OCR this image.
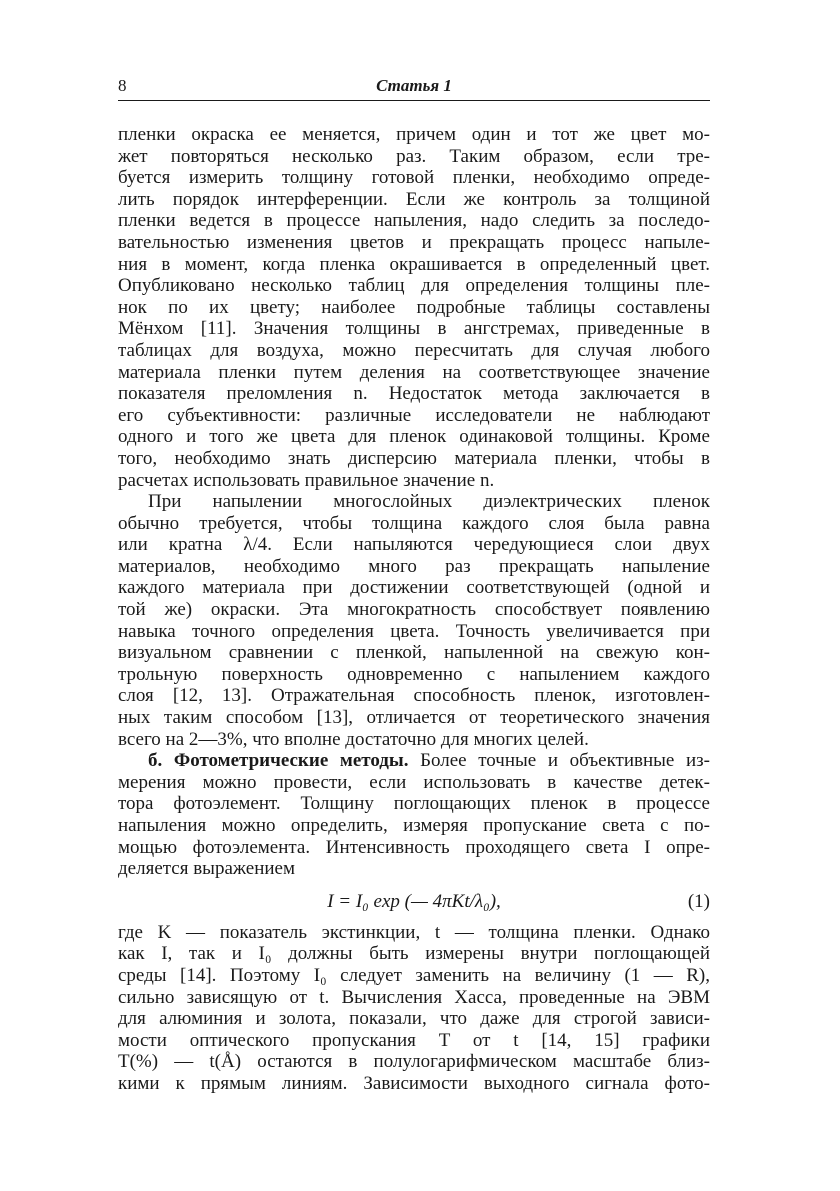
8	Статья 1
пленки окраска ее меняется, причем один и тот же цвет мо-
жет повторяться несколько раз. Таким образом, если тре-
буется измерить толщину готовой пленки, необходимо опреде-
лить порядок интерференции. Если же контроль за толщиной
пленки ведется в процессе напыления, надо следить за последо-
вательностью изменения цветов и прекращать процесс напыле-
ния в момент, когда пленка окрашивается в определенный цвет.
Опубликовано несколько таблиц для определения толщины пле-
нок по их цвету; наиболее подробные таблицы составлены
Мёнхом [11]. Значения толщины в ангстремах, приведенные в
таблицах для воздуха, можно пересчитать для случая любого
материала пленки путем деления на соответствующее значение
показателя преломления n. Недостаток метода заключается в
его субъективности: различные исследователи не наблюдают
одного и того же цвета для пленок одинаковой толщины. Кроме
того, необходимо знать дисперсию материала пленки, чтобы в
расчетах использовать правильное значение n.
При напылении многослойных диэлектрических пленок
обычно требуется, чтобы толщина каждого слоя была равна
или кратна λ/4. Если напыляются чередующиеся слои двух
материалов, необходимо много раз прекращать напыление
каждого материала при достижении соответствующей (одной и
той же) окраски. Эта многократность способствует появлению
навыка точного определения цвета. Точность увеличивается при
визуальном сравнении с пленкой, напыленной на свежую кон-
трольную поверхность одновременно с напылением каждого
слоя [12, 13]. Отражательная способность пленок, изготовлен-
ных таким способом [13], отличается от теоретического значения
всего на 2—3%, что вполне достаточно для многих целей.
б. Фотометрические методы. Более точные и объективные из-
мерения можно провести, если использовать в качестве детек-
тора фотоэлемент. Толщину поглощающих пленок в процессе
напыления можно определить, измеряя пропускание света с по-
мощью фотоэлемента. Интенсивность проходящего света I опре-
деляется выражением
I = I₀ exp (— 4πKt/λ₀),	(1)
где K — показатель экстинкции, t — толщина пленки. Однако
как I, так и I₀ должны быть измерены внутри поглощающей
среды [14]. Поэтому I₀ следует заменить на величину (1 — R),
сильно зависящую от t. Вычисления Хасса, проведенные на ЭВМ
для алюминия и золота, показали, что даже для строгой зависи-
мости оптического пропускания T от t [14, 15] графики
T(%) — t(Å) остаются в полулогарифмическом масштабе близ-
кими к прямым линиям. Зависимости выходного сигнала фото-
